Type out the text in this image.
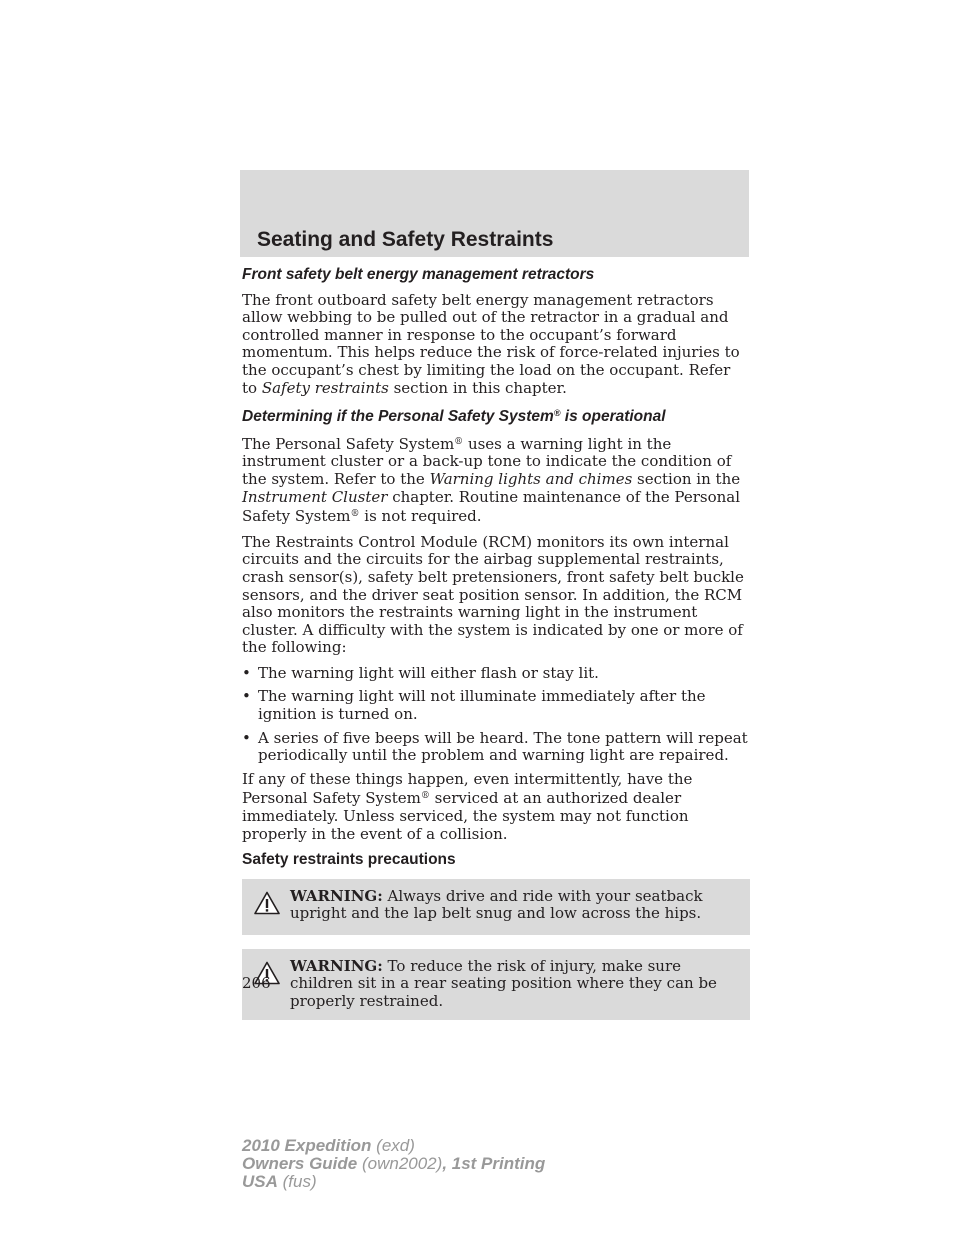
Seating and Safety Restraints
Front safety belt energy management retractors

The front outboard safety belt energy management retractors allow webbing to be pulled out of the retractor in a gradual and controlled manner in response to the occupant’s forward momentum. This helps reduce the risk of force-related injuries to the occupant’s chest by limiting the load on the occupant. Refer to Safety restraints section in this chapter.

Determining if the Personal Safety System® is operational

The Personal Safety System® uses a warning light in the instrument cluster or a back-up tone to indicate the condition of the system. Refer to the Warning lights and chimes section in the Instrument Cluster chapter. Routine maintenance of the Personal Safety System® is not required.

The Restraints Control Module (RCM) monitors its own internal circuits and the circuits for the airbag supplemental restraints, crash sensor(s), safety belt pretensioners, front safety belt buckle sensors, and the driver seat position sensor. In addition, the RCM also monitors the restraints warning light in the instrument cluster. A difficulty with the system is indicated by one or more of the following:

• The warning light will either flash or stay lit.
• The warning light will not illuminate immediately after the ignition is turned on.
• A series of five beeps will be heard. The tone pattern will repeat periodically until the problem and warning light are repaired.

If any of these things happen, even intermittently, have the Personal Safety System® serviced at an authorized dealer immediately. Unless serviced, the system may not function properly in the event of a collision.

Safety restraints precautions
WARNING: Always drive and ride with your seatback upright and the lap belt snug and low across the hips.
WARNING: To reduce the risk of injury, make sure children sit in a rear seating position where they can be properly restrained.
206
2010 Expedition (exd)
Owners Guide (own2002), 1st Printing
USA (fus)
